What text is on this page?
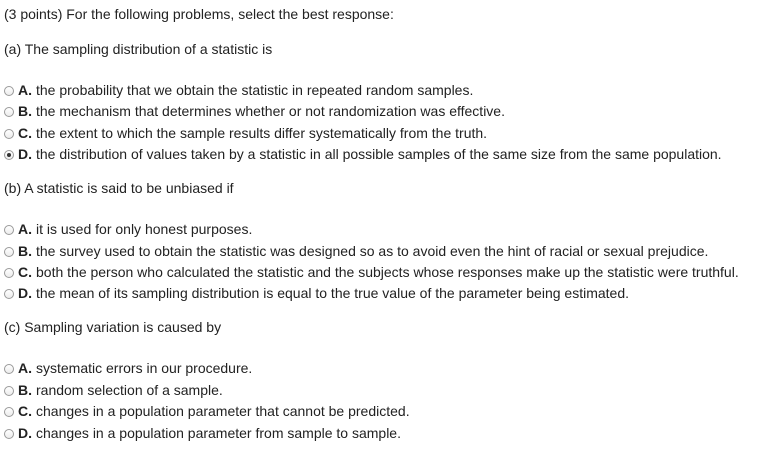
(3 points) For the following problems, select the best response:
(a) The sampling distribution of a statistic is
A. the probability that we obtain the statistic in repeated random samples.
B. the mechanism that determines whether or not randomization was effective.
C. the extent to which the sample results differ systematically from the truth.
D. the distribution of values taken by a statistic in all possible samples of the same size from the same population.
(b) A statistic is said to be unbiased if
A. it is used for only honest purposes.
B. the survey used to obtain the statistic was designed so as to avoid even the hint of racial or sexual prejudice.
C. both the person who calculated the statistic and the subjects whose responses make up the statistic were truthful.
D. the mean of its sampling distribution is equal to the true value of the parameter being estimated.
(c) Sampling variation is caused by
A. systematic errors in our procedure.
B. random selection of a sample.
C. changes in a population parameter that cannot be predicted.
D. changes in a population parameter from sample to sample.
